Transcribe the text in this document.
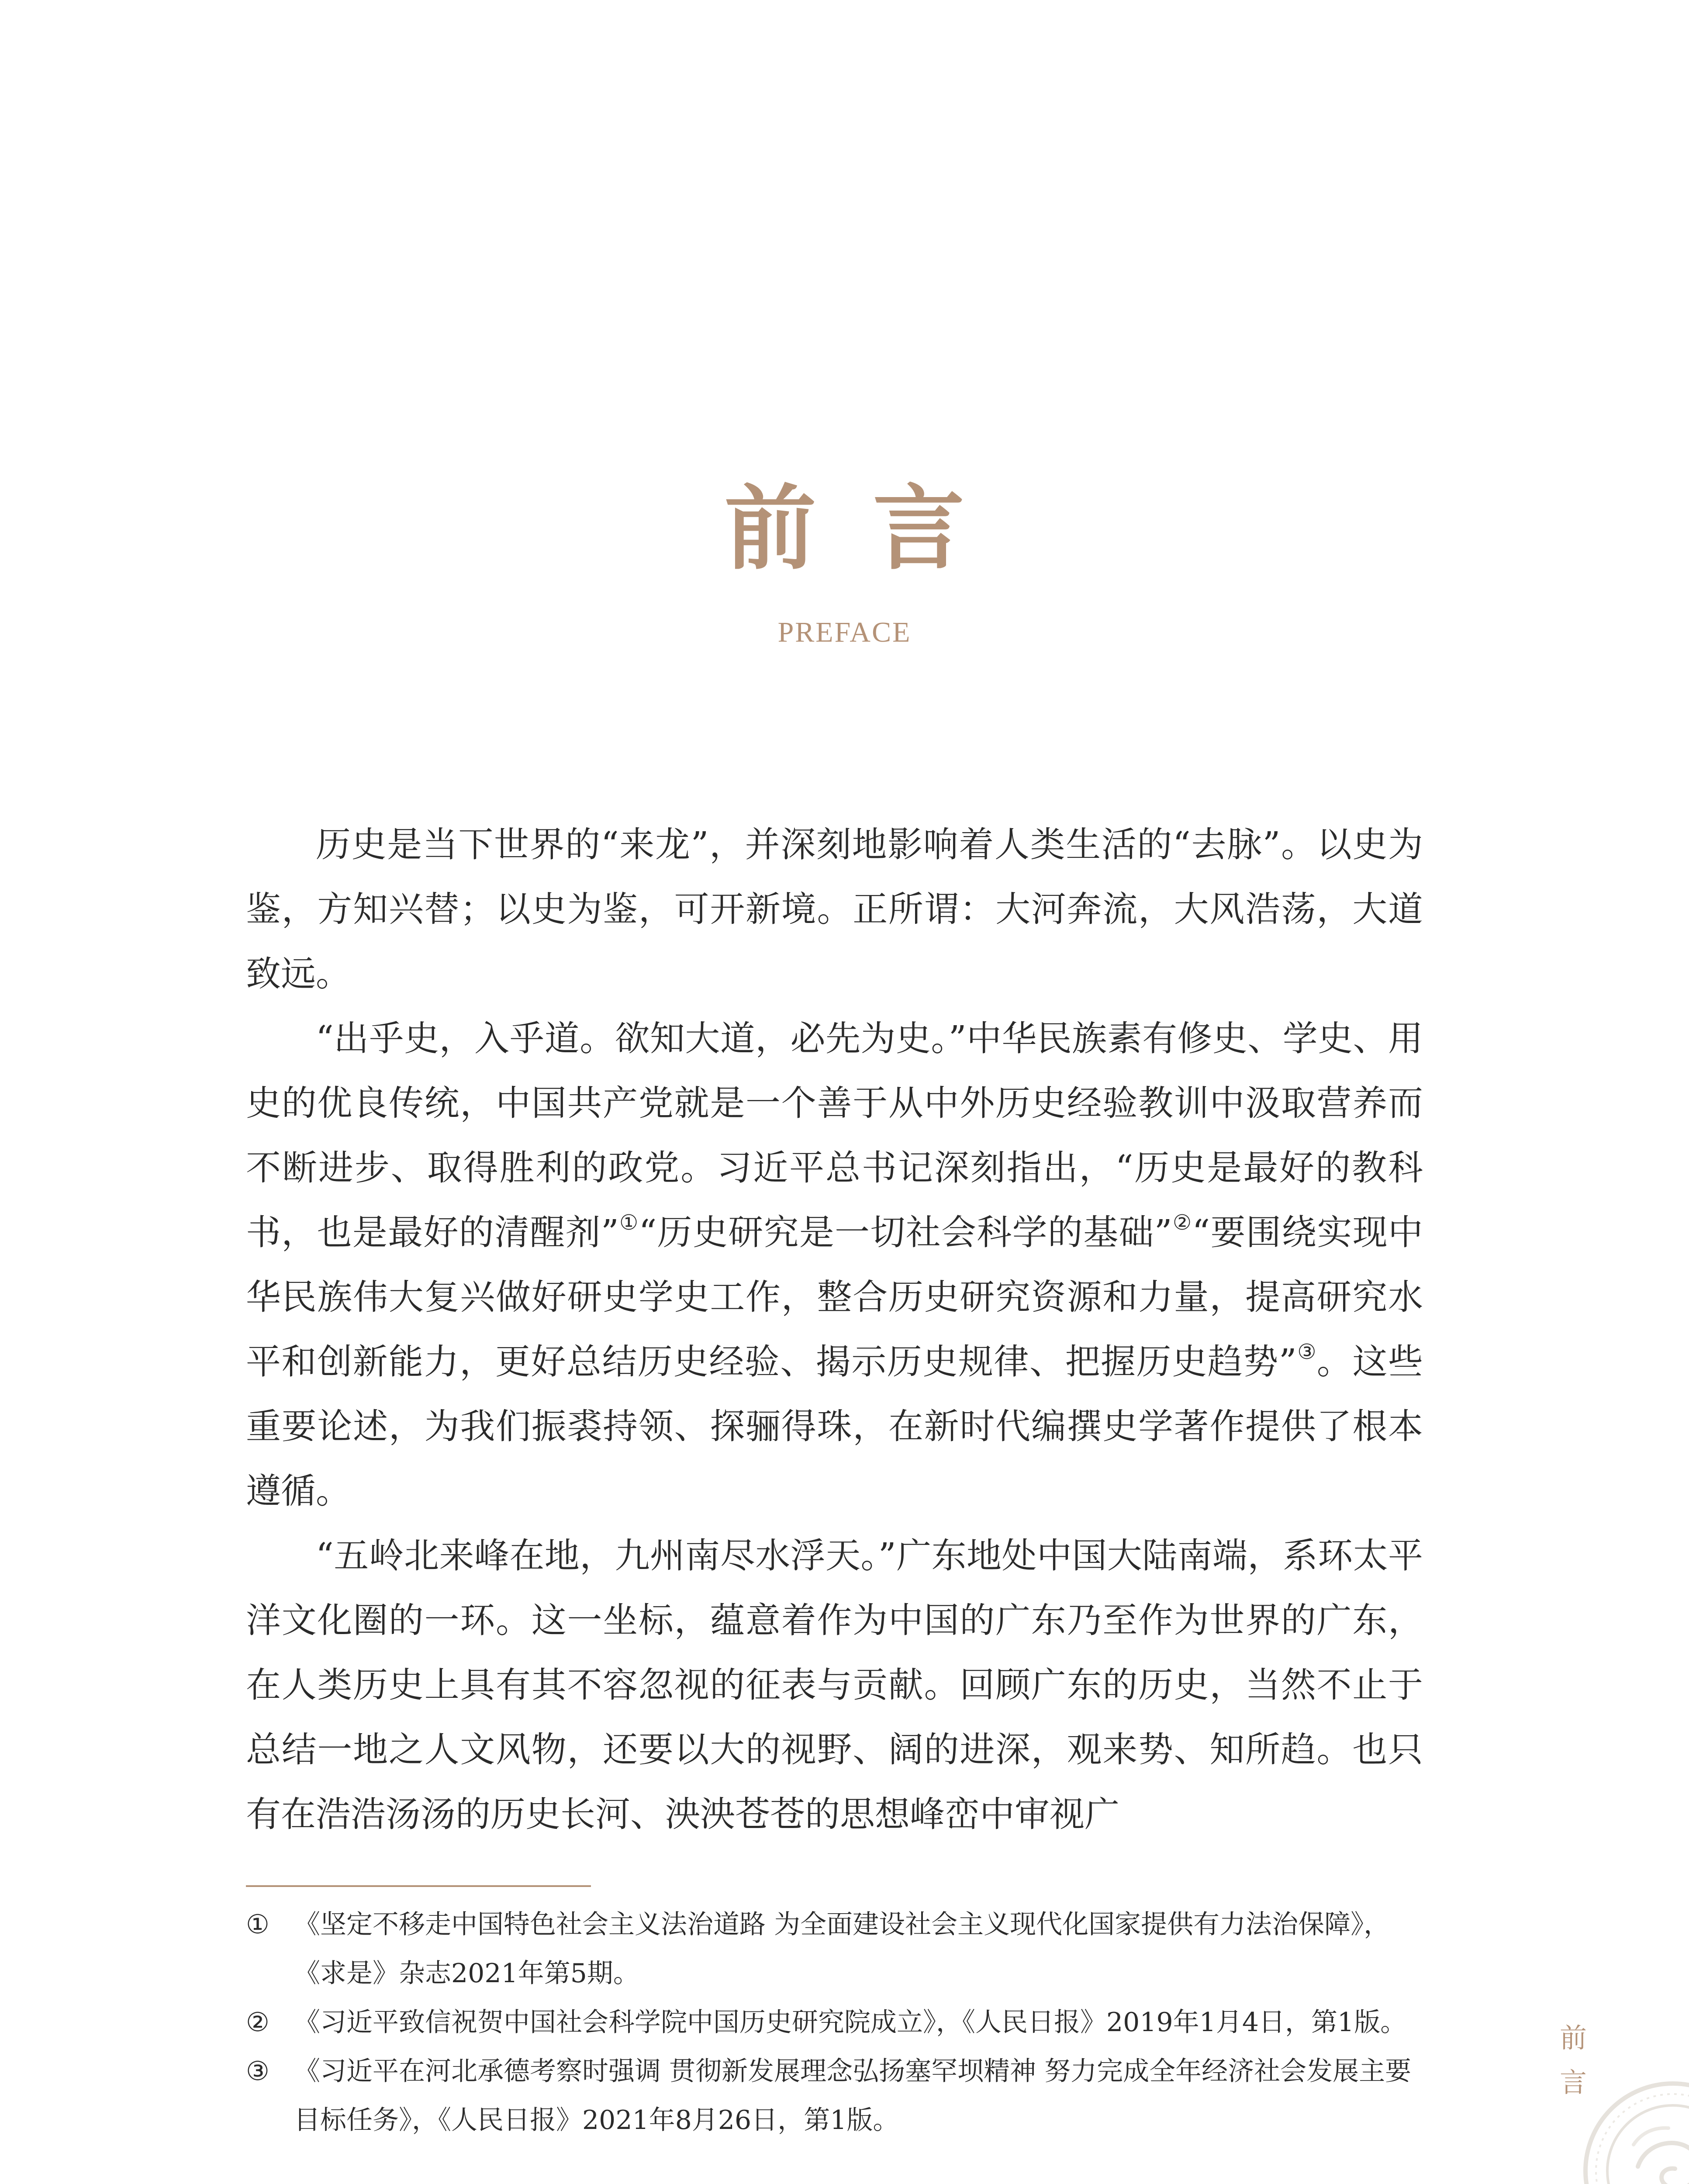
前言
PREFACE

历史是当下世界的“来龙”，并深刻地影响着人类生活的“去脉”。以史为鉴，方知兴替；以史为鉴，可开新境。正所谓：大河奔流，大风浩荡，大道致远。

“出乎史，入乎道。欲知大道，必先为史。”中华民族素有修史、学史、用史的优良传统，中国共产党就是一个善于从中外历史经验教训中汲取营养而不断进步、取得胜利的政党。习近平总书记深刻指出，“历史是最好的教科书，也是最好的清醒剂”①“历史研究是一切社会科学的基础”②“要围绕实现中华民族伟大复兴做好研史学史工作，整合历史研究资源和力量，提高研究水平和创新能力，更好总结历史经验、揭示历史规律、把握历史趋势”③。这些重要论述，为我们振裘持领、探骊得珠，在新时代编撰史学著作提供了根本遵循。

“五岭北来峰在地，九州南尽水浮天。”广东地处中国大陆南端，系环太平洋文化圈的一环。这一坐标，蕴意着作为中国的广东乃至作为世界的广东，在人类历史上具有其不容忽视的征表与贡献。回顾广东的历史，当然不止于总结一地之人文风物，还要以大的视野、阔的进深，观来势、知所趋。也只有在浩浩汤汤的历史长河、泱泱苍苍的思想峰峦中审视广

① 《坚定不移走中国特色社会主义法治道路 为全面建设社会主义现代化国家提供有力法治保障》，《求是》杂志2021年第5期。
② 《习近平致信祝贺中国社会科学院中国历史研究院成立》，《人民日报》2019年1月4日，第1版。
③ 《习近平在河北承德考察时强调 贯彻新发展理念弘扬塞罕坝精神 努力完成全年经济社会发展主要目标任务》，《人民日报》2021年8月26日，第1版。
前言
